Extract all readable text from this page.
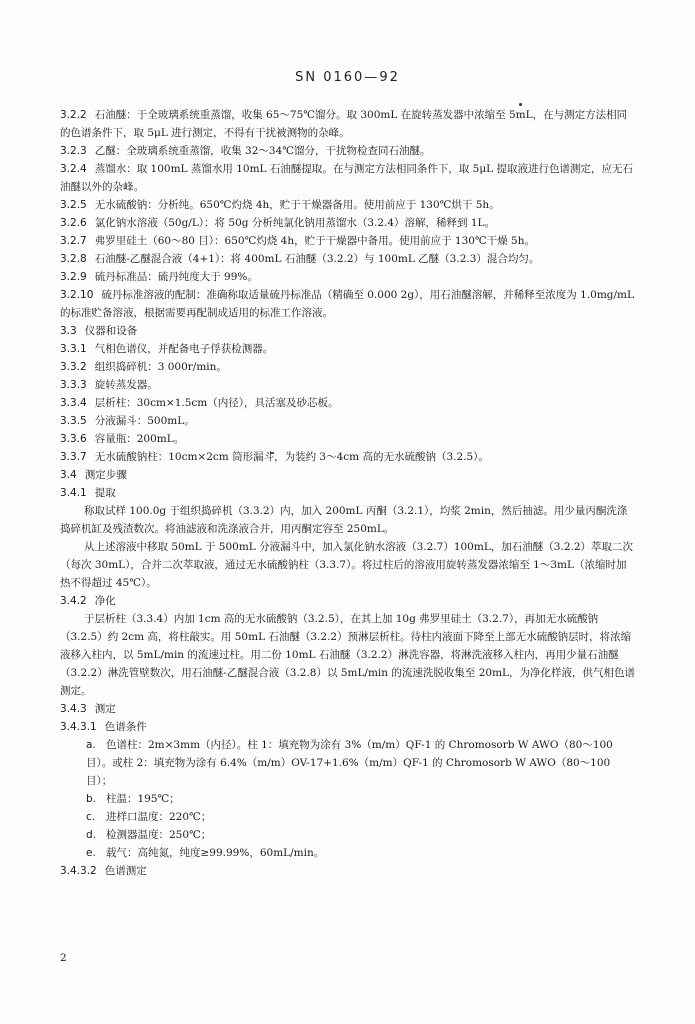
SN 0160—92

3.2.2 石油醚：于全玻璃系统重蒸馏，收集 65～75℃馏分。取 300mL 在旋转蒸发器中浓缩至 5mL，在与测定方法相同的色谱条件下，取 5μL 进行测定，不得有干扰被测物的杂峰。

3.2.3 乙醚：全玻璃系统重蒸馏，收集 32～34℃馏分，干扰物检查同石油醚。

3.2.4 蒸馏水：取 100mL 蒸馏水用 10mL 石油醚提取。在与测定方法相同条件下，取 5μL 提取液进行色谱测定，应无石油醚以外的杂峰。

3.2.5 无水硫酸钠：分析纯。650℃灼烧 4h，贮于干燥器备用。使用前应于 130℃烘干 5h。

3.2.6 氯化钠水溶液（50g/L）：将 50g 分析纯氯化钠用蒸馏水（3.2.4）溶解，稀释到 1L。

3.2.7 弗罗里硅土（60～80 目）：650℃灼烧 4h，贮于干燥器中备用。使用前应于 130℃干燥 5h。

3.2.8 石油醚-乙醚混合液（4+1）：将 400mL 石油醚（3.2.2）与 100mL 乙醚（3.2.3）混合均匀。

3.2.9 硫丹标准品：硫丹纯度大于 99%。

3.2.10 硫丹标准溶液的配制：准确称取适量硫丹标准品（精确至 0.000 2g），用石油醚溶解，并稀释至浓度为 1.0mg/mL 的标准贮备溶液，根据需要再配制成适用的标准工作溶液。

3.3 仪器和设备

3.3.1 气相色谱仪，并配备电子俘获检测器。

3.3.2 组织捣碎机：3 000r/min。

3.3.3 旋转蒸发器。

3.3.4 层析柱：30cm×1.5cm（内径），具活塞及砂芯板。

3.3.5 分液漏斗：500mL。

3.3.6 容量瓶：200mL。

3.3.7 无水硫酸钠柱：10cm×2cm 筒形漏斗，为装约 3～4cm 高的无水硫酸钠（3.2.5）。

3.4 测定步骤

3.4.1 提取

称取试样 100.0g 于组织捣碎机（3.3.2）内，加入 200mL 丙酮（3.2.1），均浆 2min，然后抽滤。用少量丙酮洗涤捣碎机缸及残渣数次。将油滤液和洗涤液合并，用丙酮定容至 250mL。

从上述溶液中移取 50mL 于 500mL 分液漏斗中，加入氯化钠水溶液（3.2.7）100mL，加石油醚（3.2.2）萃取二次（每次 30mL），合并二次萃取液，通过无水硫酸钠柱（3.3.7）。将过柱后的溶液用旋转蒸发器浓缩至 1～3mL（浓缩时加热不得超过 45℃）。

3.4.2 净化

于层析柱（3.3.4）内加 1cm 高的无水硫酸钠（3.2.5），在其上加 10g 弗罗里硅土（3.2.7），再加无水硫酸钠（3.2.5）约 2cm 高，将柱敲实。用 50mL 石油醚（3.2.2）预淋层析柱。待柱内液面下降至上部无水硫酸钠层时，将浓缩液移入柱内，以 5mL/min 的流速过柱。用二份 10mL 石油醚（3.2.2）淋洗容器，将淋洗液移入柱内，再用少量石油醚（3.2.2）淋洗管壁数次，用石油醚-乙醚混合液（3.2.8）以 5mL/min 的流速洗脱收集至 20mL，为净化样液，供气相色谱测定。

3.4.3 测定

3.4.3.1 色谱条件

a. 色谱柱：2m×3mm（内径）。柱 1：填充物为涂有 3%（m/m）QF-1 的 Chromosorb W AWO（80～100 目）。或柱 2：填充物为涂有 6.4%（m/m）OV-17+1.6%（m/m）QF-1 的 Chromosorb W AWO（80～100 目）；

b. 柱温：195℃；

c. 进样口温度：220℃；

d. 检测器温度：250℃；

e. 载气：高纯氮，纯度≥99.99%，60mL/min。

3.4.3.2 色谱测定

2
